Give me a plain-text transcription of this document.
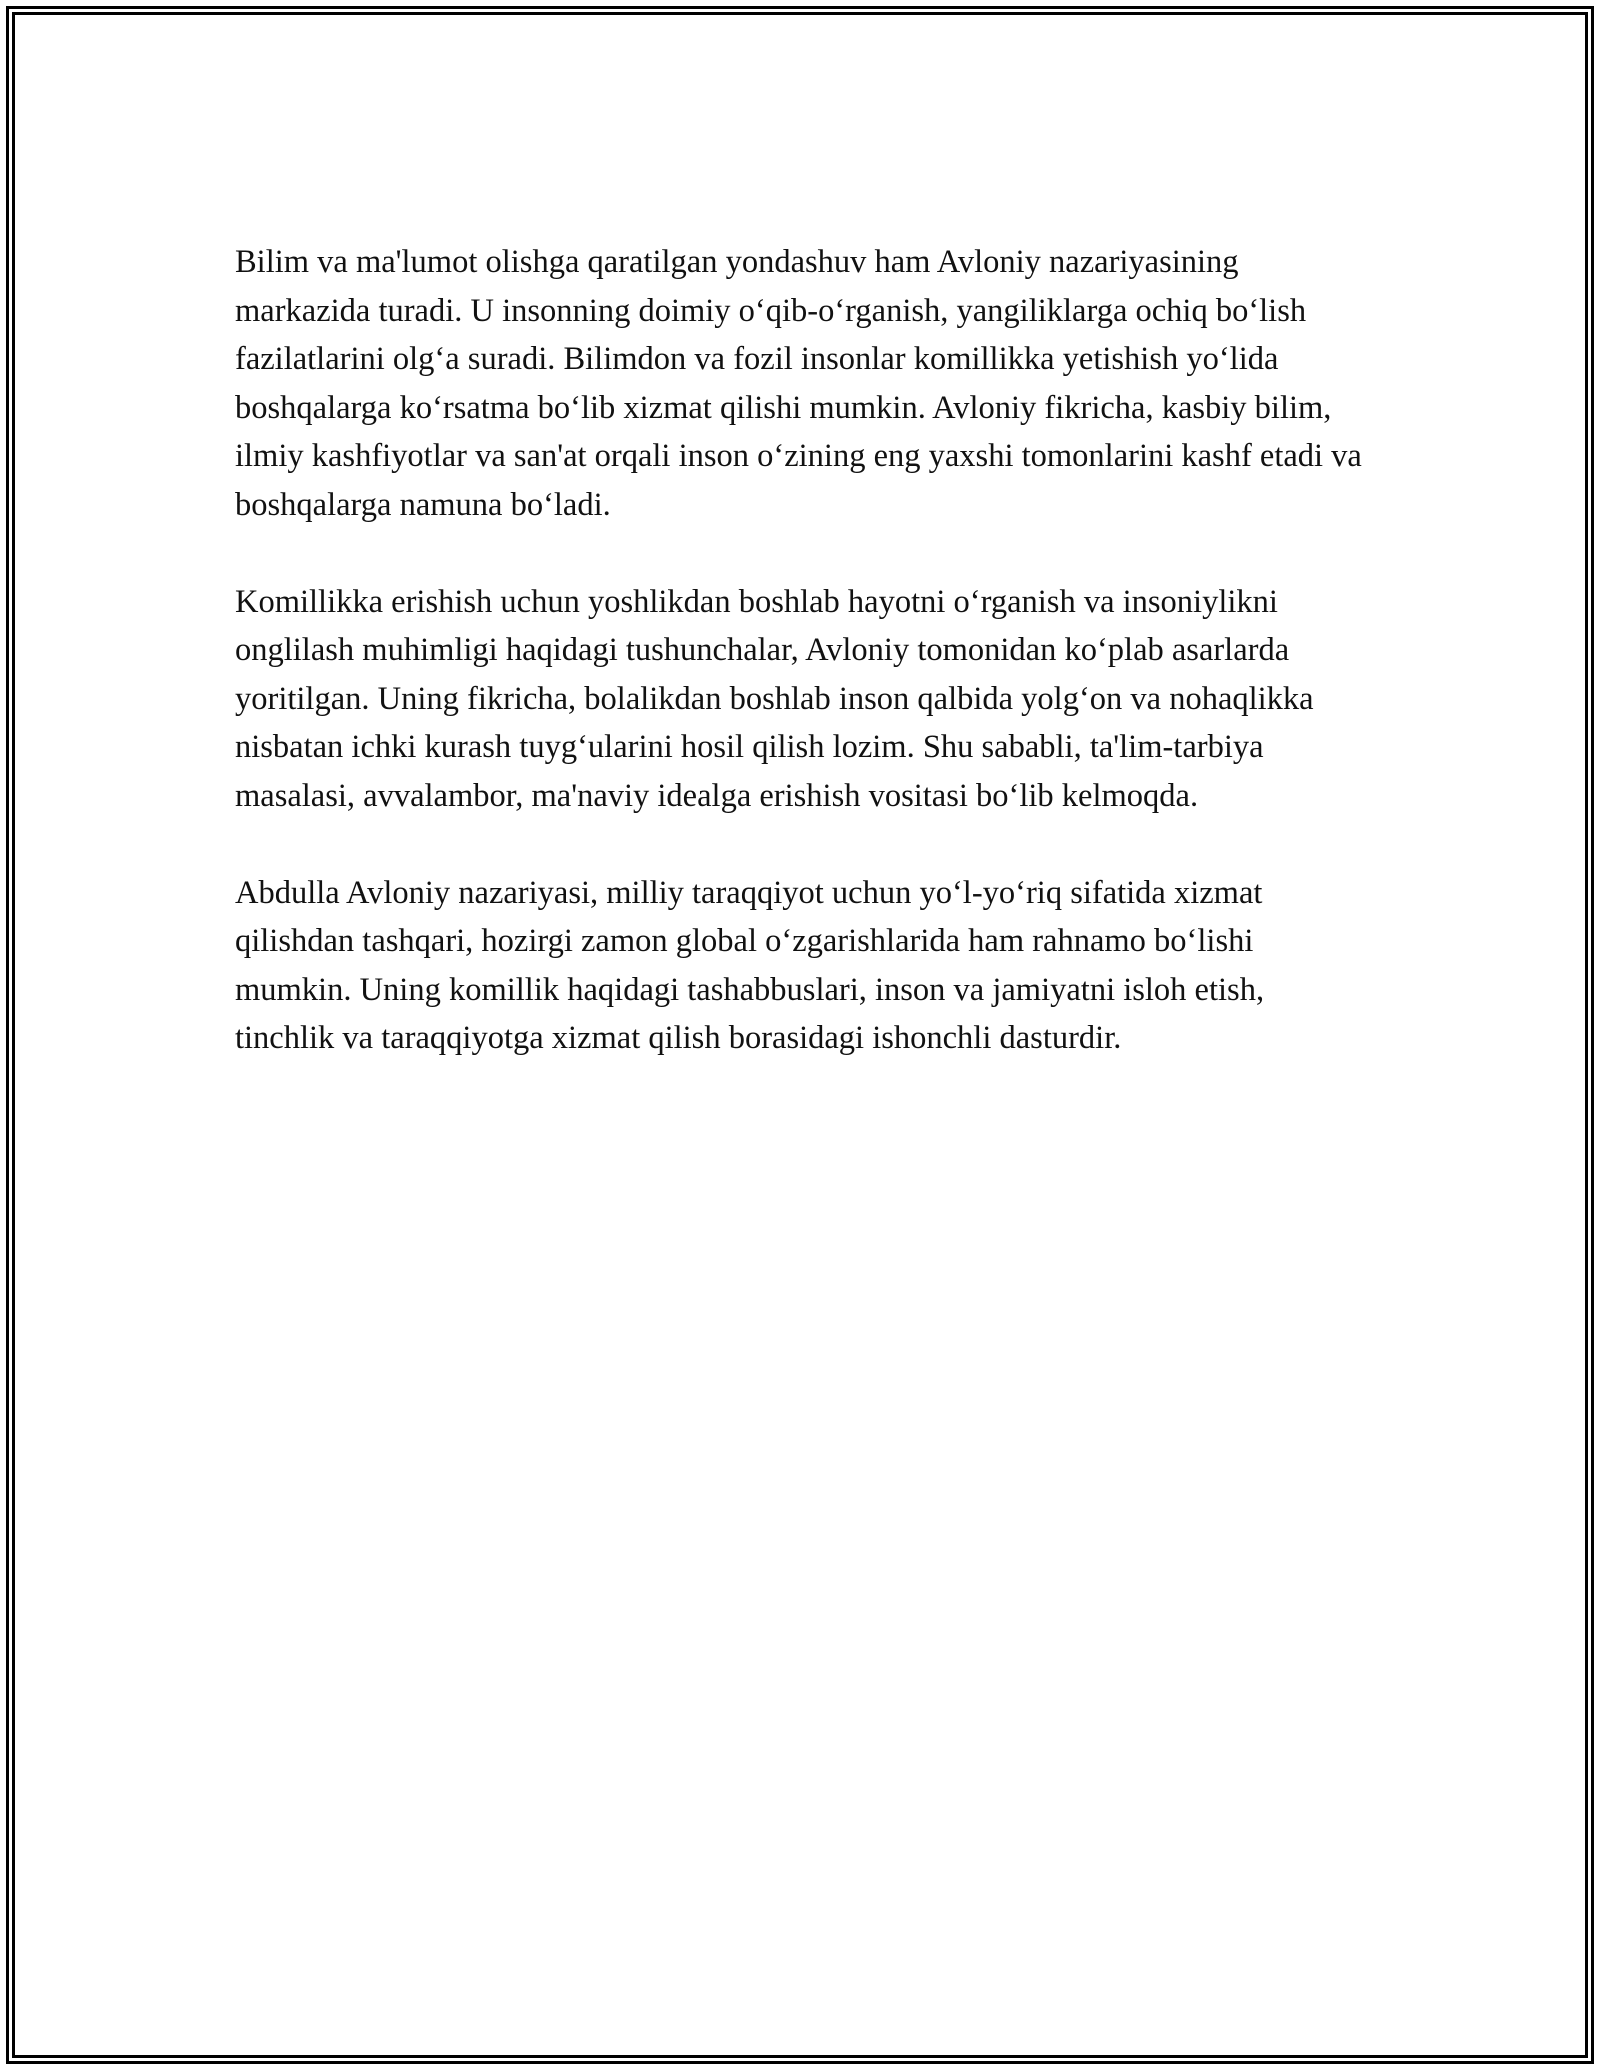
Bilim va ma'lumot olishga qaratilgan yondashuv ham Avloniy nazariyasining markazida turadi. U insonning doimiy o‘qib-o‘rganish, yangiliklarga ochiq bo‘lish fazilatlarini olg‘a suradi. Bilimdon va fozil insonlar komillikka yetishish yo‘lida boshqalarga ko‘rsatma bo‘lib xizmat qilishi mumkin. Avloniy fikricha, kasbiy bilim, ilmiy kashfiyotlar va san'at orqali inson o‘zining eng yaxshi tomonlarini kashf etadi va boshqalarga namuna bo‘ladi.

Komillikka erishish uchun yoshlikdan boshlab hayotni o‘rganish va insoniylikni onglilash muhimligi haqidagi tushunchalar, Avloniy tomonidan ko‘plab asarlarda yoritilgan. Uning fikricha, bolalikdan boshlab inson qalbida yolg‘on va nohaqlikka nisbatan ichki kurash tuyg‘ularini hosil qilish lozim. Shu sababli, ta'lim-tarbiya masalasi, avvalambor, ma'naviy idealga erishish vositasi bo‘lib kelmoqda.

Abdulla Avloniy nazariyasi, milliy taraqqiyot uchun yo‘l-yo‘riq sifatida xizmat qilishdan tashqari, hozirgi zamon global o‘zgarishlarida ham rahnamo bo‘lishi mumkin. Uning komillik haqidagi tashabbuslari, inson va jamiyatni isloh etish, tinchlik va taraqqiyotga xizmat qilish borasidagi ishonchli dasturdir.
